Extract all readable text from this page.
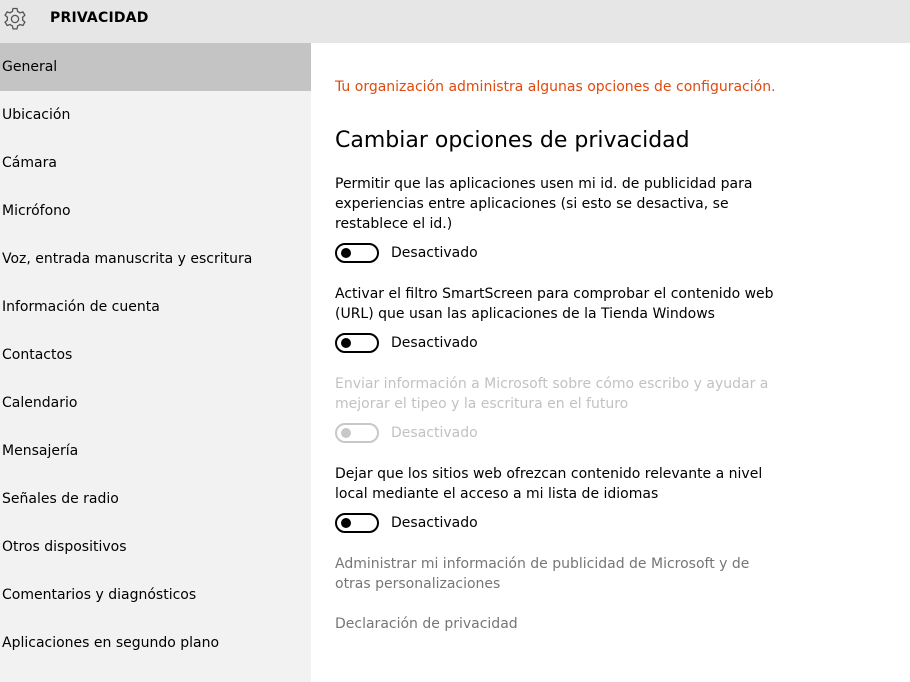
PRIVACIDAD
General
Ubicación
Cámara
Micrófono
Voz, entrada manuscrita y escritura
Información de cuenta
Contactos
Calendario
Mensajería
Señales de radio
Otros dispositivos
Comentarios y diagnósticos
Aplicaciones en segundo plano
Tu organización administra algunas opciones de configuración.
Cambiar opciones de privacidad
Permitir que las aplicaciones usen mi id. de publicidad para experiencias entre aplicaciones (si esto se desactiva, se restablece el id.)
Desactivado
Activar el filtro SmartScreen para comprobar el contenido web (URL) que usan las aplicaciones de la Tienda Windows
Desactivado
Enviar información a Microsoft sobre cómo escribo y ayudar a mejorar el tipeo y la escritura en el futuro
Desactivado
Dejar que los sitios web ofrezcan contenido relevante a nivel local mediante el acceso a mi lista de idiomas
Desactivado
Administrar mi información de publicidad de Microsoft y de otras personalizaciones
Declaración de privacidad
